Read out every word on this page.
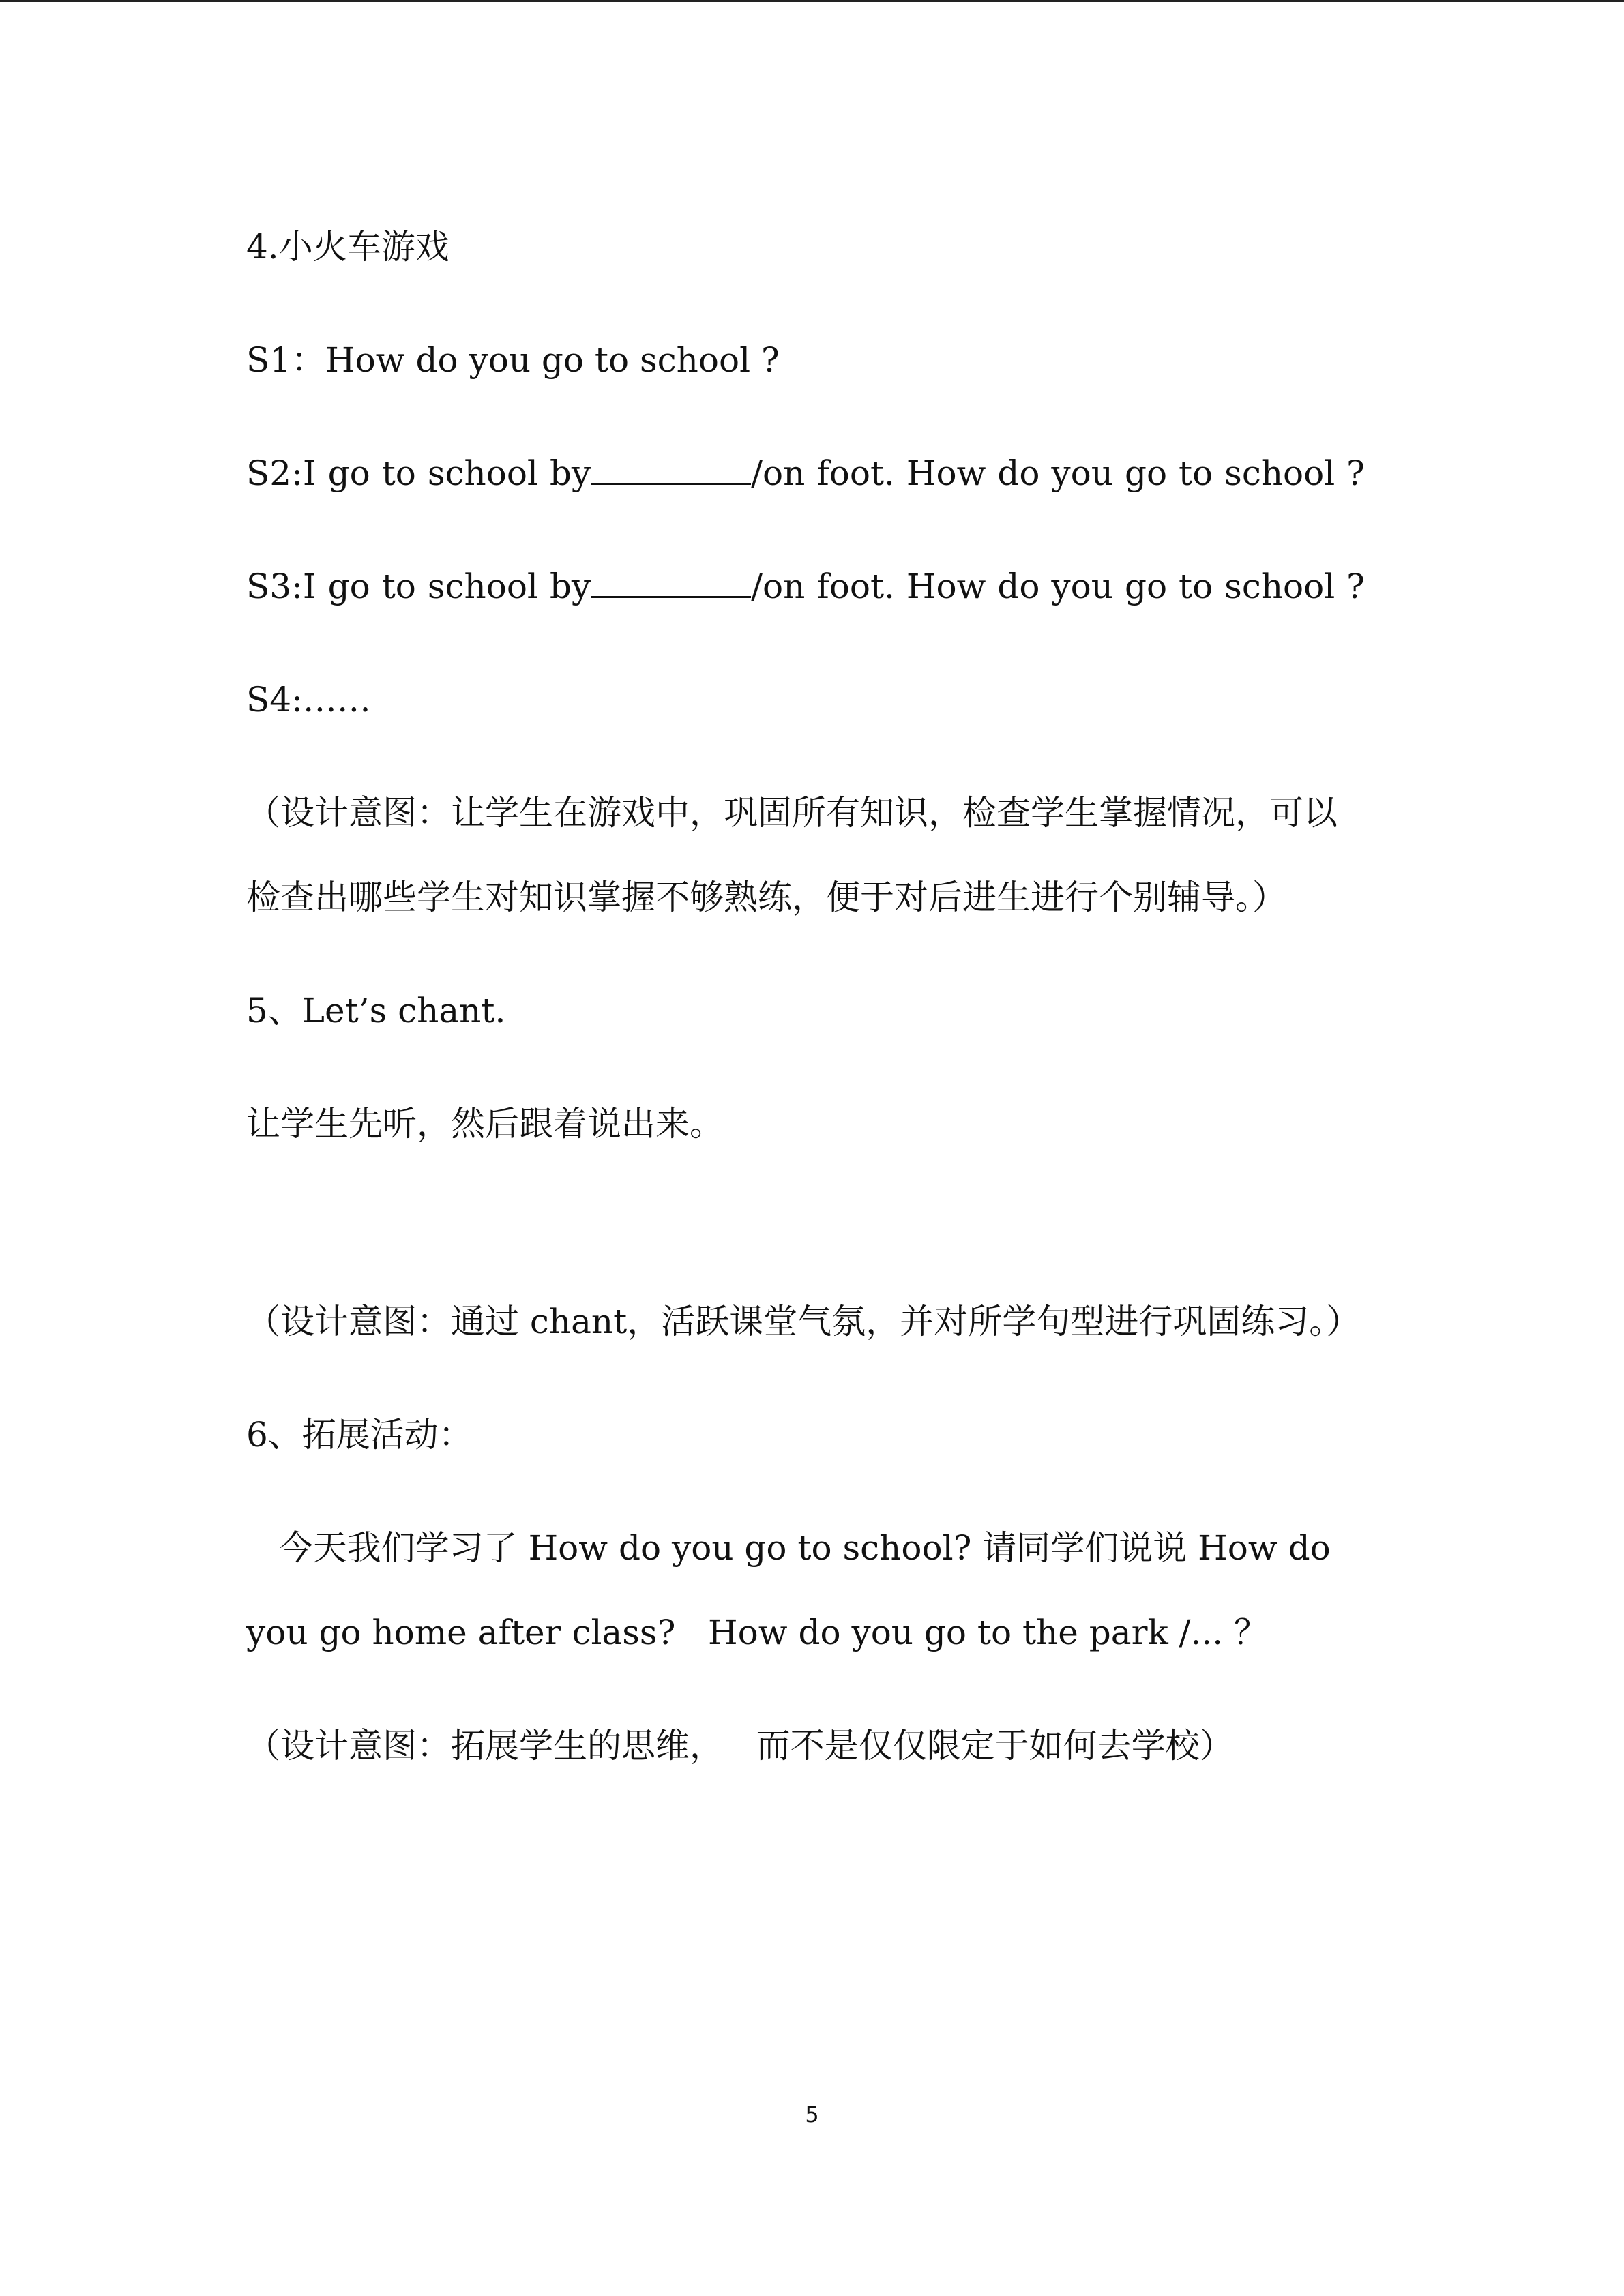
4.小火车游戏

S1：How do you go to school ?

S2:I go to school by	/on foot. How do you go to school ?

S3:I go to school by	/on foot. How do you go to school ?

S4:……

（设计意图：让学生在游戏中，巩固所有知识，检查学生掌握情况，可以检查出哪些学生对知识掌握不够熟练，便于对后进生进行个别辅导。）

5、Let’s chant.

让学生先听，然后跟着说出来。

（设计意图：通过 chant，活跃课堂气氛，并对所学句型进行巩固练习。）

6、拓展活动：

今天我们学习了 How do you go to school? 请同学们说说 How do you go home after class?   How do you go to the park /... ？

（设计意图：拓展学生的思维，   而不是仅仅限定于如何去学校）

5
